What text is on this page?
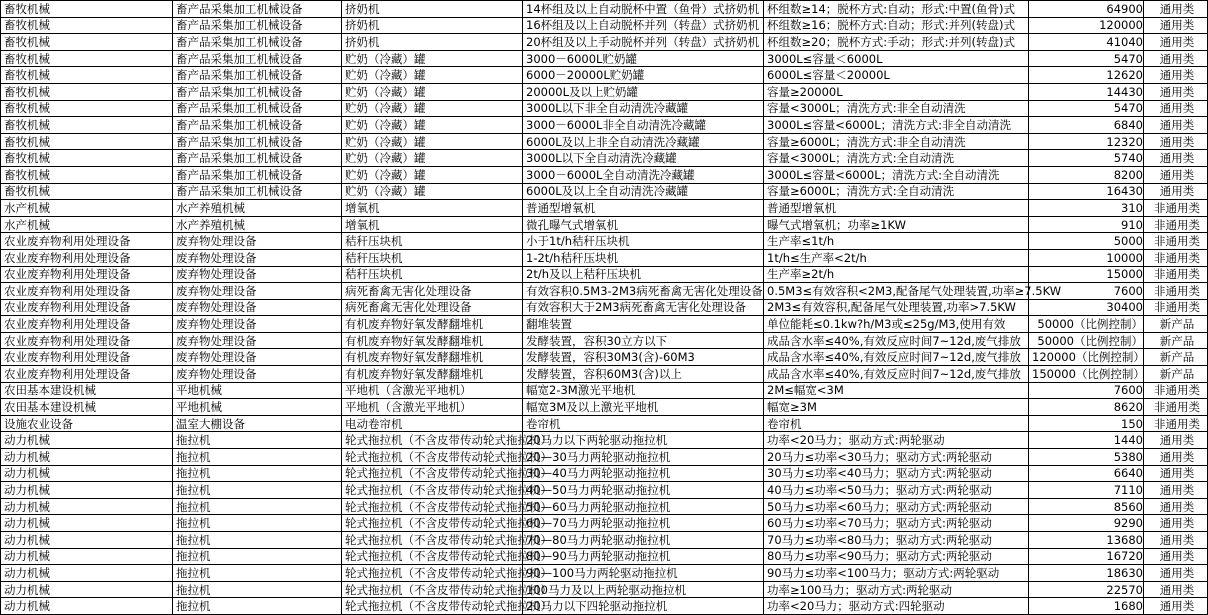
畜牧机械	畜产品采集加工机械设备	挤奶机	14杯组及以上自动脱杯中置（鱼骨）式挤奶机	杯组数≥14；脱杯方式:自动；形式:中置(鱼骨)式	64900	通用类
畜牧机械	畜产品采集加工机械设备	挤奶机	16杯组及以上自动脱杯并列（转盘）式挤奶机	杯组数≥16；脱杯方式:自动；形式:并列(转盘)式	120000	通用类
畜牧机械	畜产品采集加工机械设备	挤奶机	20杯组及以上手动脱杯并列（转盘）式挤奶机	杯组数≥20；脱杯方式:手动；形式:并列(转盘)式	41040	通用类
畜牧机械	畜产品采集加工机械设备	贮奶（冷藏）罐	3000－6000L贮奶罐	3000L≤容量＜6000L	5470	通用类
畜牧机械	畜产品采集加工机械设备	贮奶（冷藏）罐	6000－20000L贮奶罐	6000L≤容量＜20000L	12620	通用类
畜牧机械	畜产品采集加工机械设备	贮奶（冷藏）罐	20000L及以上贮奶罐	容量≥20000L	14430	通用类
畜牧机械	畜产品采集加工机械设备	贮奶（冷藏）罐	3000L以下非全自动清洗冷藏罐	容量<3000L；清洗方式:非全自动清洗	5470	通用类
畜牧机械	畜产品采集加工机械设备	贮奶（冷藏）罐	3000－6000L非全自动清洗冷藏罐	3000L≤容量<6000L；清洗方式:非全自动清洗	6840	通用类
畜牧机械	畜产品采集加工机械设备	贮奶（冷藏）罐	6000L及以上非全自动清洗冷藏罐	容量≥6000L；清洗方式:非全自动清洗	12320	通用类
畜牧机械	畜产品采集加工机械设备	贮奶（冷藏）罐	3000L以下全自动清洗冷藏罐	容量<3000L；清洗方式:全自动清洗	5740	通用类
畜牧机械	畜产品采集加工机械设备	贮奶（冷藏）罐	3000－6000L全自动清洗冷藏罐	3000L≤容量<6000L；清洗方式:全自动清洗	8200	通用类
畜牧机械	畜产品采集加工机械设备	贮奶（冷藏）罐	6000L及以上全自动清洗冷藏罐	容量≥6000L；清洗方式:全自动清洗	16430	通用类
水产机械	水产养殖机械	增氧机	普通型增氧机	普通型增氧机	310	非通用类
水产机械	水产养殖机械	增氧机	微孔曝气式增氧机	曝气式增氧机；功率≥1KW	910	非通用类
农业废弃物利用处理设备	废弃物处理设备	秸秆压块机	小于1t/h秸秆压块机	生产率≤1t/h	5000	非通用类
农业废弃物利用处理设备	废弃物处理设备	秸秆压块机	1-2t/h秸秆压块机	1t/h≤生产率<2t/h	10000	非通用类
农业废弃物利用处理设备	废弃物处理设备	秸秆压块机	2t/h及以上秸秆压块机	生产率≥2t/h	15000	非通用类
农业废弃物利用处理设备	废弃物处理设备	病死畜禽无害化处理设备	有效容积0.5M3-2M3病死畜禽无害化处理设备	0.5M3≤有效容积<2M3,配备尾气处理装置,功率≥7.5KW	7600	非通用类
农业废弃物利用处理设备	废弃物处理设备	病死畜禽无害化处理设备	有效容积大于2M3病死畜禽无害化处理设备	2M3≤有效容积,配备尾气处理装置,功率>7.5KW	30400	非通用类
农业废弃物利用处理设备	废弃物处理设备	有机废弃物好氧发酵翻堆机	翻堆装置	单位能耗≤0.1kw?h/M3或≤25g/M3,使用有效	50000（比例控制）	新产品
农业废弃物利用处理设备	废弃物处理设备	有机废弃物好氧发酵翻堆机	发酵装置，容积30立方以下	成品含水率≤40%,有效反应时间7~12d,废气排放	50000（比例控制）	新产品
农业废弃物利用处理设备	废弃物处理设备	有机废弃物好氧发酵翻堆机	发酵装置，容积30M3(含)-60M3	成品含水率≤40%,有效反应时间7~12d,废气排放	120000（比例控制）	新产品
农业废弃物利用处理设备	废弃物处理设备	有机废弃物好氧发酵翻堆机	发酵装置，容积60M3(含)以上	成品含水率≤40%,有效反应时间7~12d,废气排放	150000（比例控制）	新产品
农田基本建设机械	平地机械	平地机（含激光平地机）	幅宽2-3M激光平地机	2M≤幅宽<3M	7600	非通用类
农田基本建设机械	平地机械	平地机（含激光平地机）	幅宽3M及以上激光平地机	幅宽≥3M	8620	非通用类
设施农业设备	温室大棚设备	电动卷帘机	卷帘机	卷帘机	150	非通用类
动力机械	拖拉机	轮式拖拉机（不含皮带传动轮式拖拉机）	20马力以下两轮驱动拖拉机	功率<20马力；驱动方式:两轮驱动	1440	通用类
动力机械	拖拉机	轮式拖拉机（不含皮带传动轮式拖拉机）	20—30马力两轮驱动拖拉机	20马力≤功率<30马力；驱动方式:两轮驱动	5380	通用类
动力机械	拖拉机	轮式拖拉机（不含皮带传动轮式拖拉机）	30—40马力两轮驱动拖拉机	30马力≤功率<40马力；驱动方式:两轮驱动	6640	通用类
动力机械	拖拉机	轮式拖拉机（不含皮带传动轮式拖拉机）	40—50马力两轮驱动拖拉机	40马力≤功率<50马力；驱动方式:两轮驱动	7110	通用类
动力机械	拖拉机	轮式拖拉机（不含皮带传动轮式拖拉机）	50—60马力两轮驱动拖拉机	50马力≤功率<60马力；驱动方式:两轮驱动	8560	通用类
动力机械	拖拉机	轮式拖拉机（不含皮带传动轮式拖拉机）	60—70马力两轮驱动拖拉机	60马力≤功率<70马力；驱动方式:两轮驱动	9290	通用类
动力机械	拖拉机	轮式拖拉机（不含皮带传动轮式拖拉机）	70—80马力两轮驱动拖拉机	70马力≤功率<80马力；驱动方式:两轮驱动	13680	通用类
动力机械	拖拉机	轮式拖拉机（不含皮带传动轮式拖拉机）	80—90马力两轮驱动拖拉机	80马力≤功率<90马力；驱动方式:两轮驱动	16720	通用类
动力机械	拖拉机	轮式拖拉机（不含皮带传动轮式拖拉机）	90—100马力两轮驱动拖拉机	90马力≤功率<100马力；驱动方式:两轮驱动	18630	通用类
动力机械	拖拉机	轮式拖拉机（不含皮带传动轮式拖拉机）	100马力及以上两轮驱动拖拉机	功率≥100马力；驱动方式:两轮驱动	22570	通用类
动力机械	拖拉机	轮式拖拉机（不含皮带传动轮式拖拉机）	20马力以下四轮驱动拖拉机	功率<20马力；驱动方式:四轮驱动	1680	通用类
